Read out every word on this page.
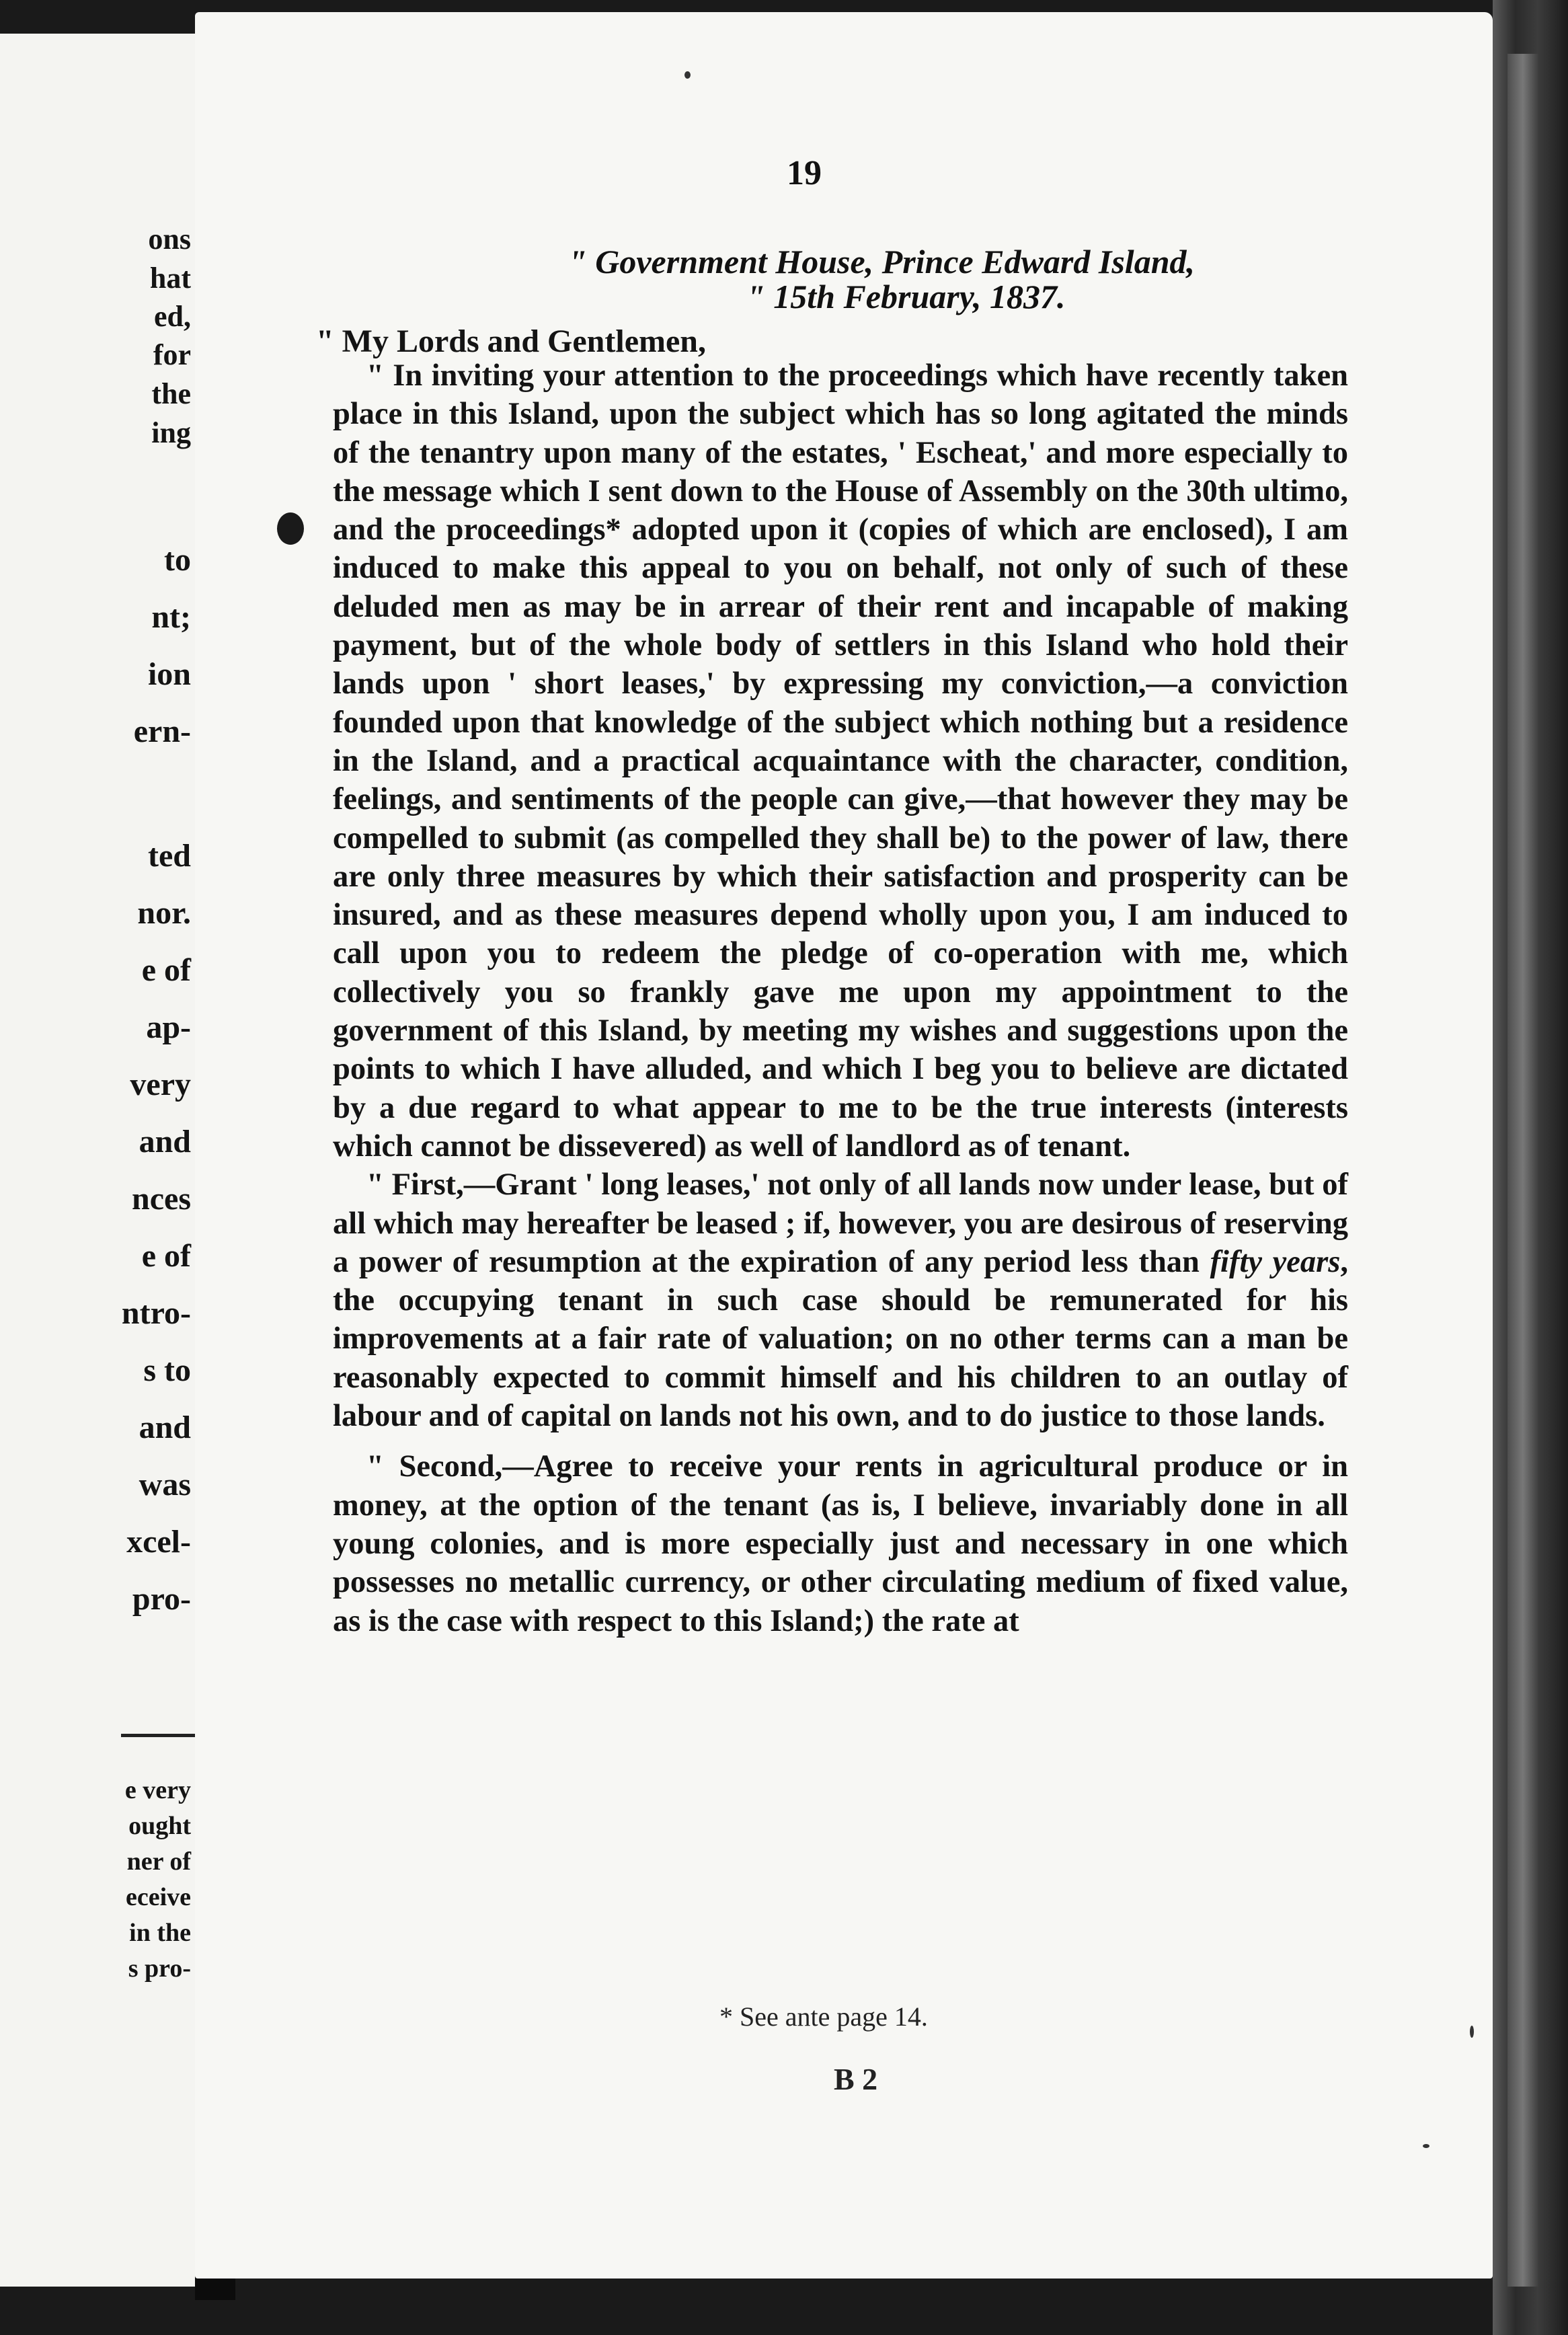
ons
hat
ed,
for
the
ing
to
nt;
ion
ern-
ted
nor.
e of
ap-
very
and
nces
e of
ntro-
s to
and
was
xcel-
pro-
e very
ought
ner of
eceive
in the
s pro-
19
" Government House, Prince Edward Island,
" 15th February, 1837.
" My Lords and Gentlemen,

" In inviting your attention to the proceedings which have recently taken place in this Island, upon the subject which has so long agitated the minds of the tenantry upon many of the estates, ' Escheat,' and more especially to the message which I sent down to the House of Assembly on the 30th ultimo, and the proceedings* adopted upon it (copies of which are enclosed), I am induced to make this appeal to you on behalf, not only of such of these deluded men as may be in arrear of their rent and incapable of making payment, but of the whole body of settlers in this Island who hold their lands upon ' short leases,' by expressing my conviction,—a conviction founded upon that knowledge of the subject which nothing but a residence in the Island, and a practical acquaintance with the character, condition, feelings, and sentiments of the people can give,—that however they may be compelled to submit (as compelled they shall be) to the power of law, there are only three measures by which their satisfaction and prosperity can be insured, and as these measures depend wholly upon you, I am induced to call upon you to redeem the pledge of co-operation with me, which collectively you so frankly gave me upon my appointment to the government of this Island, by meeting my wishes and suggestions upon the points to which I have alluded, and which I beg you to believe are dictated by a due regard to what appear to me to be the true interests (interests which cannot be dissevered) as well of landlord as of tenant.

" First,—Grant ' long leases,' not only of all lands now under lease, but of all which may hereafter be leased ; if, however, you are desirous of reserving a power of resumption at the expiration of any period less than fifty years, the occupying tenant in such case should be remunerated for his improvements at a fair rate of valuation; on no other terms can a man be reasonably expected to commit himself and his children to an outlay of labour and of capital on lands not his own, and to do justice to those lands.

" Second,—Agree to receive your rents in agricultural produce or in money, at the option of the tenant (as is, I believe, invariably done in all young colonies, and is more especially just and necessary in one which possesses no metallic currency, or other circulating medium of fixed value, as is the case with respect to this Island;) the rate at

* See ante page 14.
B 2
